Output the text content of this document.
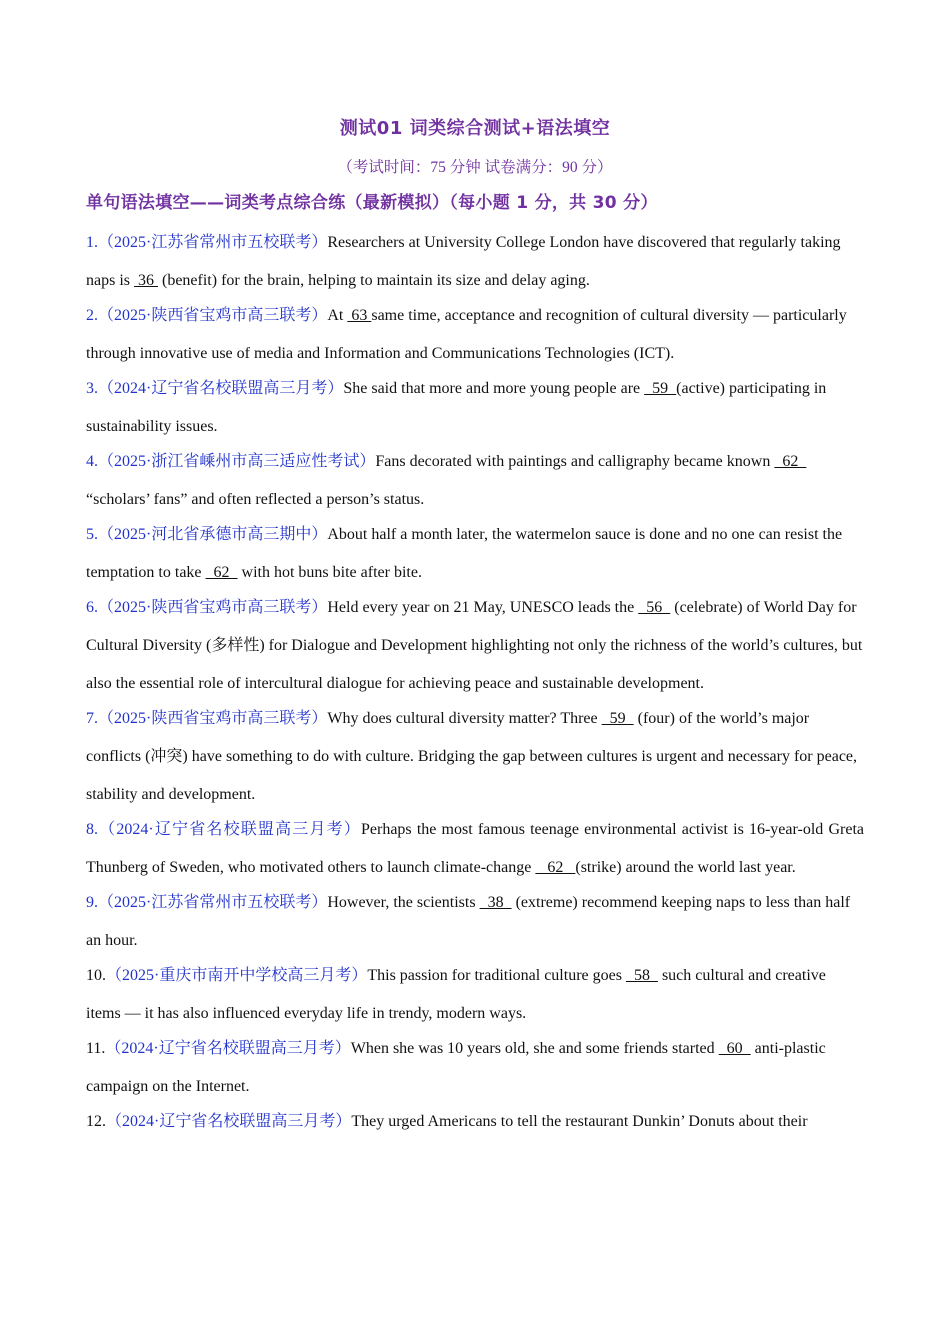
测试01 词类综合测试+语法填空
（考试时间：75 分钟 试卷满分：90 分）
单句语法填空——词类考点综合练（最新模拟）（每小题 1 分，共 30 分）
1.（2025·江苏省常州市五校联考）Researchers at University College London have discovered that regularly taking naps is  36  (benefit) for the brain, helping to maintain its size and delay aging.
2.（2025·陕西省宝鸡市高三联考）At  63 same time, acceptance and recognition of cultural diversity — particularly through innovative use of media and Information and Communications Technologies (ICT).
3.（2024·辽宁省名校联盟高三月考）She said that more and more young people are   59  (active) participating in sustainability issues.
4.（2025·浙江省嵊州市高三适应性考试）Fans decorated with paintings and calligraphy became known   62   “scholars’ fans” and often reflected a person’s status.
5.（2025·河北省承德市高三期中）About half a month later, the watermelon sauce is done and no one can resist the temptation to take   62   with hot buns bite after bite.
6.（2025·陕西省宝鸡市高三联考）Held every year on 21 May, UNESCO leads the   56   (celebrate) of World Day for Cultural Diversity (多样性) for Dialogue and Development highlighting not only the richness of the world’s cultures, but also the essential role of intercultural dialogue for achieving peace and sustainable development.
7.（2025·陕西省宝鸡市高三联考）Why does cultural diversity matter? Three   59   (four) of the world’s major conflicts (冲突) have something to do with culture. Bridging the gap between cultures is urgent and necessary for peace, stability and development.
8.（2024·辽宁省名校联盟高三月考）Perhaps the most famous teenage environmental activist is 16-year-old Greta Thunberg of Sweden, who motivated others to launch climate-change    62   (strike) around the world last year.
9.（2025·江苏省常州市五校联考）However, the scientists   38   (extreme) recommend keeping naps to less than half an hour.
10.（2025·重庆市南开中学校高三月考）This passion for traditional culture goes   58   such cultural and creative items — it has also influenced everyday life in trendy, modern ways.
11.（2024·辽宁省名校联盟高三月考）When she was 10 years old, she and some friends started   60   anti-plastic campaign on the Internet.
12.（2024·辽宁省名校联盟高三月考）They urged Americans to tell the restaurant Dunkin’ Donuts about their
